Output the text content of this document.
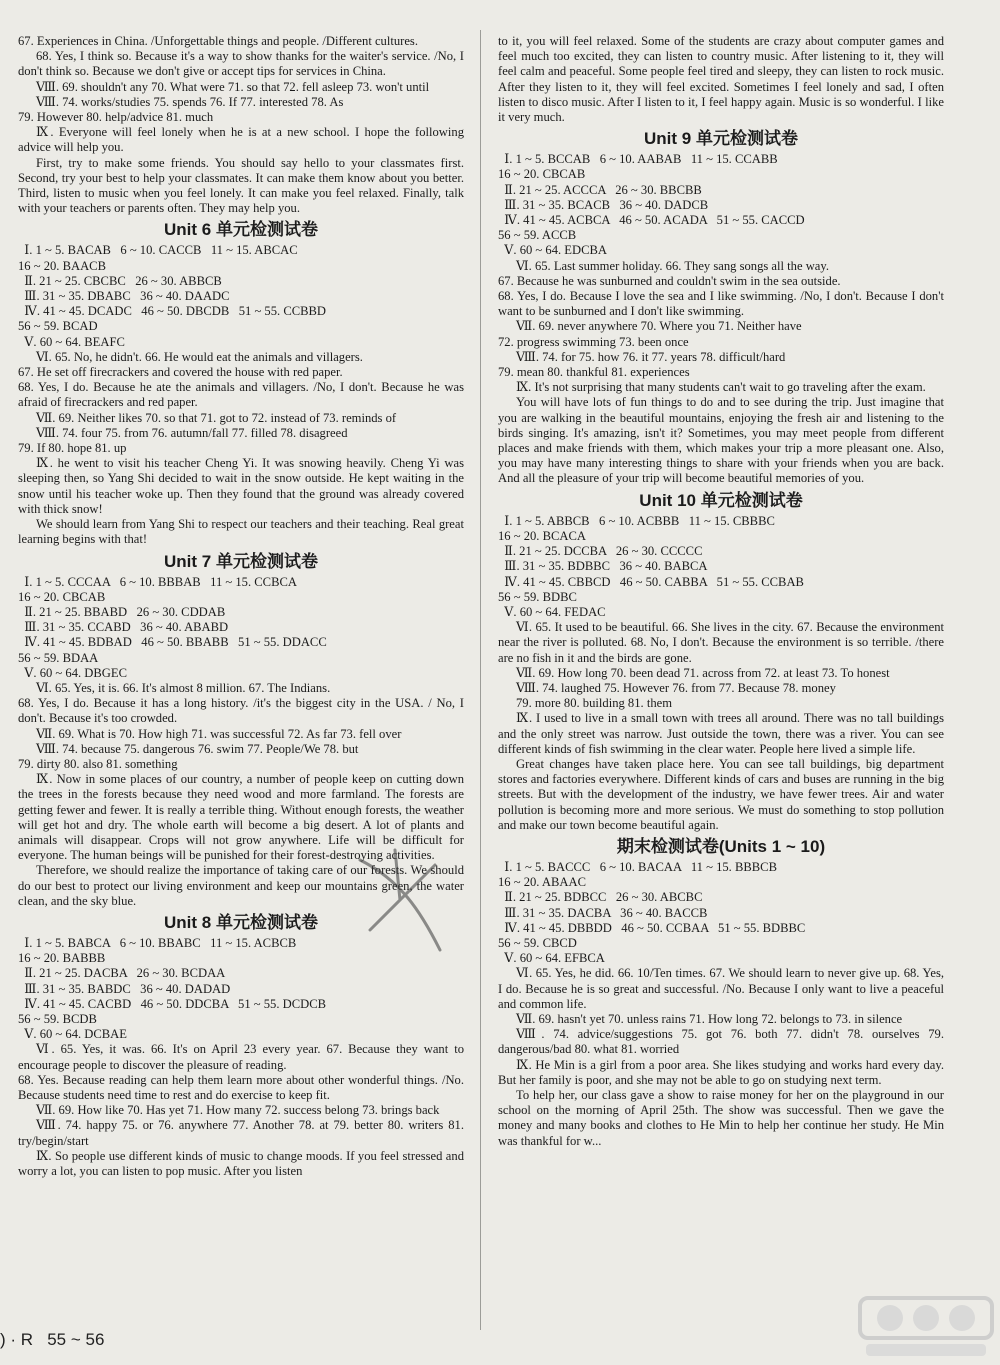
67. Experiences in China. /Unforgettable things and people. /Different cultures.

68. Yes, I think so. Because it's a way to show thanks for the waiter's service. /No, I don't think so. Because we don't give or accept tips for services in China.

Ⅷ. 69. shouldn't any 70. What were 71. so that 72. fell asleep 73. won't until

Ⅷ. 74. works/studies 75. spends 76. If 77. interested 78. As

79. However 80. help/advice 81. much

Ⅸ. Everyone will feel lonely when he is at a new school. I hope the following advice will help you.

First, try to make some friends. You should say hello to your classmates first. Second, try your best to help your classmates. It can make them know about you better. Third, listen to music when you feel lonely. It can make you feel relaxed. Finally, talk with your teachers or parents often. They may help you.

Unit 6 单元检测试卷

Ⅰ. 1 ~ 5. BACAB   6 ~ 10. CACCB   11 ~ 15. ABCAC

16 ~ 20. BAACB

Ⅱ. 21 ~ 25. CBCBC   26 ~ 30. ABBCB

Ⅲ. 31 ~ 35. DBABC   36 ~ 40. DAADC

Ⅳ. 41 ~ 45. DCADC   46 ~ 50. DBCDB   51 ~ 55. CCBBD

56 ~ 59. BCAD

Ⅴ. 60 ~ 64. BEAFC

Ⅵ. 65. No, he didn't. 66. He would eat the animals and villagers.

67. He set off firecrackers and covered the house with red paper.

68. Yes, I do. Because he ate the animals and villagers. /No, I don't. Because he was afraid of firecrackers and red paper.

Ⅶ. 69. Neither likes 70. so that 71. got to 72. instead of 73. reminds of

Ⅷ. 74. four 75. from 76. autumn/fall 77. filled 78. disagreed

79. If 80. hope 81. up

Ⅸ. he went to visit his teacher Cheng Yi. It was snowing heavily. Cheng Yi was sleeping then, so Yang Shi decided to wait in the snow outside. He kept waiting in the snow until his teacher woke up. Then they found that the ground was already covered with thick snow!

We should learn from Yang Shi to respect our teachers and their teaching. Real great learning begins with that!

Unit 7 单元检测试卷

Ⅰ. 1 ~ 5. CCCAA   6 ~ 10. BBBAB   11 ~ 15. CCBCA

16 ~ 20. CBCAB

Ⅱ. 21 ~ 25. BBABD   26 ~ 30. CDDAB

Ⅲ. 31 ~ 35. CCABD   36 ~ 40. ABABD

Ⅳ. 41 ~ 45. BDBAD   46 ~ 50. BBABB   51 ~ 55. DDACC

56 ~ 59. BDAA

Ⅴ. 60 ~ 64. DBGEC

Ⅵ. 65. Yes, it is. 66. It's almost 8 million. 67. The Indians.

68. Yes, I do. Because it has a long history. /it's the biggest city in the USA. / No, I don't. Because it's too crowded.

Ⅶ. 69. What is 70. How high 71. was successful 72. As far 73. fell over

Ⅷ. 74. because 75. dangerous 76. swim 77. People/We 78. but

79. dirty 80. also 81. something

Ⅸ. Now in some places of our country, a number of people keep on cutting down the trees in the forests because they need wood and more farmland. The forests are getting fewer and fewer. It is really a terrible thing. Without enough forests, the weather will get hot and dry. The whole earth will become a big desert. A lot of plants and animals will disappear. Crops will not grow anywhere. Life will be difficult for everyone. The human beings will be punished for their forest-destroying activities.

Therefore, we should realize the importance of taking care of our forests. We should do our best to protect our living environment and keep our mountains green, the water clean, and the sky blue.

Unit 8 单元检测试卷

Ⅰ. 1 ~ 5. BABCA   6 ~ 10. BBABC   11 ~ 15. ACBCB

16 ~ 20. BABBB

Ⅱ. 21 ~ 25. DACBA   26 ~ 30. BCDAA

Ⅲ. 31 ~ 35. BABDC   36 ~ 40. DADAD

Ⅳ. 41 ~ 45. CACBD   46 ~ 50. DDCBA   51 ~ 55. DCDCB

56 ~ 59. BCDB

Ⅴ. 60 ~ 64. DCBAE

Ⅵ. 65. Yes, it was. 66. It's on April 23 every year. 67. Because they want to encourage people to discover the pleasure of reading.

68. Yes. Because reading can help them learn more about other wonderful things. /No. Because students need time to rest and do exercise to keep fit.

Ⅶ. 69. How like 70. Has yet 71. How many 72. success belong 73. brings back

Ⅷ. 74. happy 75. or 76. anywhere 77. Another 78. at 79. better 80. writers 81. try/begin/start

Ⅸ. So people use different kinds of music to change moods. If you feel stressed and worry a lot, you can listen to pop music. After you listen

to it, you will feel relaxed. Some of the students are crazy about computer games and feel much too excited, they can listen to country music. After listening to it, they will feel calm and peaceful. Some people feel tired and sleepy, they can listen to rock music. After they listen to it, they will feel excited. Sometimes I feel lonely and sad, I often listen to disco music. After I listen to it, I feel happy again. Music is so wonderful. I like it very much.

Unit 9 单元检测试卷

Ⅰ. 1 ~ 5. BCCAB   6 ~ 10. AABAB   11 ~ 15. CCABB

16 ~ 20. CBCAB

Ⅱ. 21 ~ 25. ACCCA   26 ~ 30. BBCBB

Ⅲ. 31 ~ 35. BCACB   36 ~ 40. DADCB

Ⅳ. 41 ~ 45. ACBCA   46 ~ 50. ACADA   51 ~ 55. CACCD

56 ~ 59. ACCB

Ⅴ. 60 ~ 64. EDCBA

Ⅵ. 65. Last summer holiday. 66. They sang songs all the way.

67. Because he was sunburned and couldn't swim in the sea outside.

68. Yes, I do. Because I love the sea and I like swimming. /No, I don't. Because I don't want to be sunburned and I don't like swimming.

Ⅶ. 69. never anywhere 70. Where you 71. Neither have

72. progress swimming 73. been once

Ⅷ. 74. for 75. how 76. it 77. years 78. difficult/hard

79. mean 80. thankful 81. experiences

Ⅸ. It's not surprising that many students can't wait to go traveling after the exam.

You will have lots of fun things to do and to see during the trip. Just imagine that you are walking in the beautiful mountains, enjoying the fresh air and listening to the birds singing. It's amazing, isn't it? Sometimes, you may meet people from different places and make friends with them, which makes your trip a more pleasant one. Also, you may have many interesting things to share with your friends when you are back. And all the pleasure of your trip will become beautiful memories of you.

Unit 10 单元检测试卷

Ⅰ. 1 ~ 5. ABBCB   6 ~ 10. ACBBB   11 ~ 15. CBBBC

16 ~ 20. BCACA

Ⅱ. 21 ~ 25. DCCBA   26 ~ 30. CCCCC

Ⅲ. 31 ~ 35. BDBBC   36 ~ 40. BABCA

Ⅳ. 41 ~ 45. CBBCD   46 ~ 50. CABBA   51 ~ 55. CCBAB

56 ~ 59. BDBC

Ⅴ. 60 ~ 64. FEDAC

Ⅵ. 65. It used to be beautiful. 66. She lives in the city. 67. Because the environment near the river is polluted. 68. No, I don't. Because the environment is so terrible. /there are no fish in it and the birds are gone.

Ⅶ. 69. How long 70. been dead 71. across from 72. at least 73. To honest

Ⅷ. 74. laughed 75. However 76. from 77. Because 78. money

79. more 80. building 81. them

Ⅸ. I used to live in a small town with trees all around. There was no tall buildings and the only street was narrow. Just outside the town, there was a river. You can see different kinds of fish swimming in the clear water. People here lived a simple life.

Great changes have taken place here. You can see tall buildings, big department stores and factories everywhere. Different kinds of cars and buses are running in the big streets. But with the development of the industry, we have fewer trees. Air and water pollution is becoming more and more serious. We must do something to stop pollution and make our town become beautiful again.

期末检测试卷(Units 1 ~ 10)

Ⅰ. 1 ~ 5. BACCC   6 ~ 10. BACAA   11 ~ 15. BBBCB

16 ~ 20. ABAAC

Ⅱ. 21 ~ 25. BDBCC   26 ~ 30. ABCBC

Ⅲ. 31 ~ 35. DACBA   36 ~ 40. BACCB

Ⅳ. 41 ~ 45. DBBDD   46 ~ 50. CCBAA   51 ~ 55. BDBBC

56 ~ 59. CBCD

Ⅴ. 60 ~ 64. EFBCA

Ⅵ. 65. Yes, he did. 66. 10/Ten times. 67. We should learn to never give up. 68. Yes, I do. Because he is so great and successful. /No. Because I only want to live a peaceful and common life.

Ⅶ. 69. hasn't yet 70. unless rains 71. How long 72. belongs to 73. in silence

Ⅷ. 74. advice/suggestions 75. got 76. both 77. didn't 78. ourselves 79. dangerous/bad 80. what 81. worried

Ⅸ. He Min is a girl from a poor area. She likes studying and works hard every day. But her family is poor, and she may not be able to go on studying next term.

To help her, our class gave a show to raise money for her on the playground in our school on the morning of April 25th. The show was successful. Then we gave the money and many books and clothes to He Min to help her continue her study. He Min was thankful for w...

) · R   55 ~ 56
